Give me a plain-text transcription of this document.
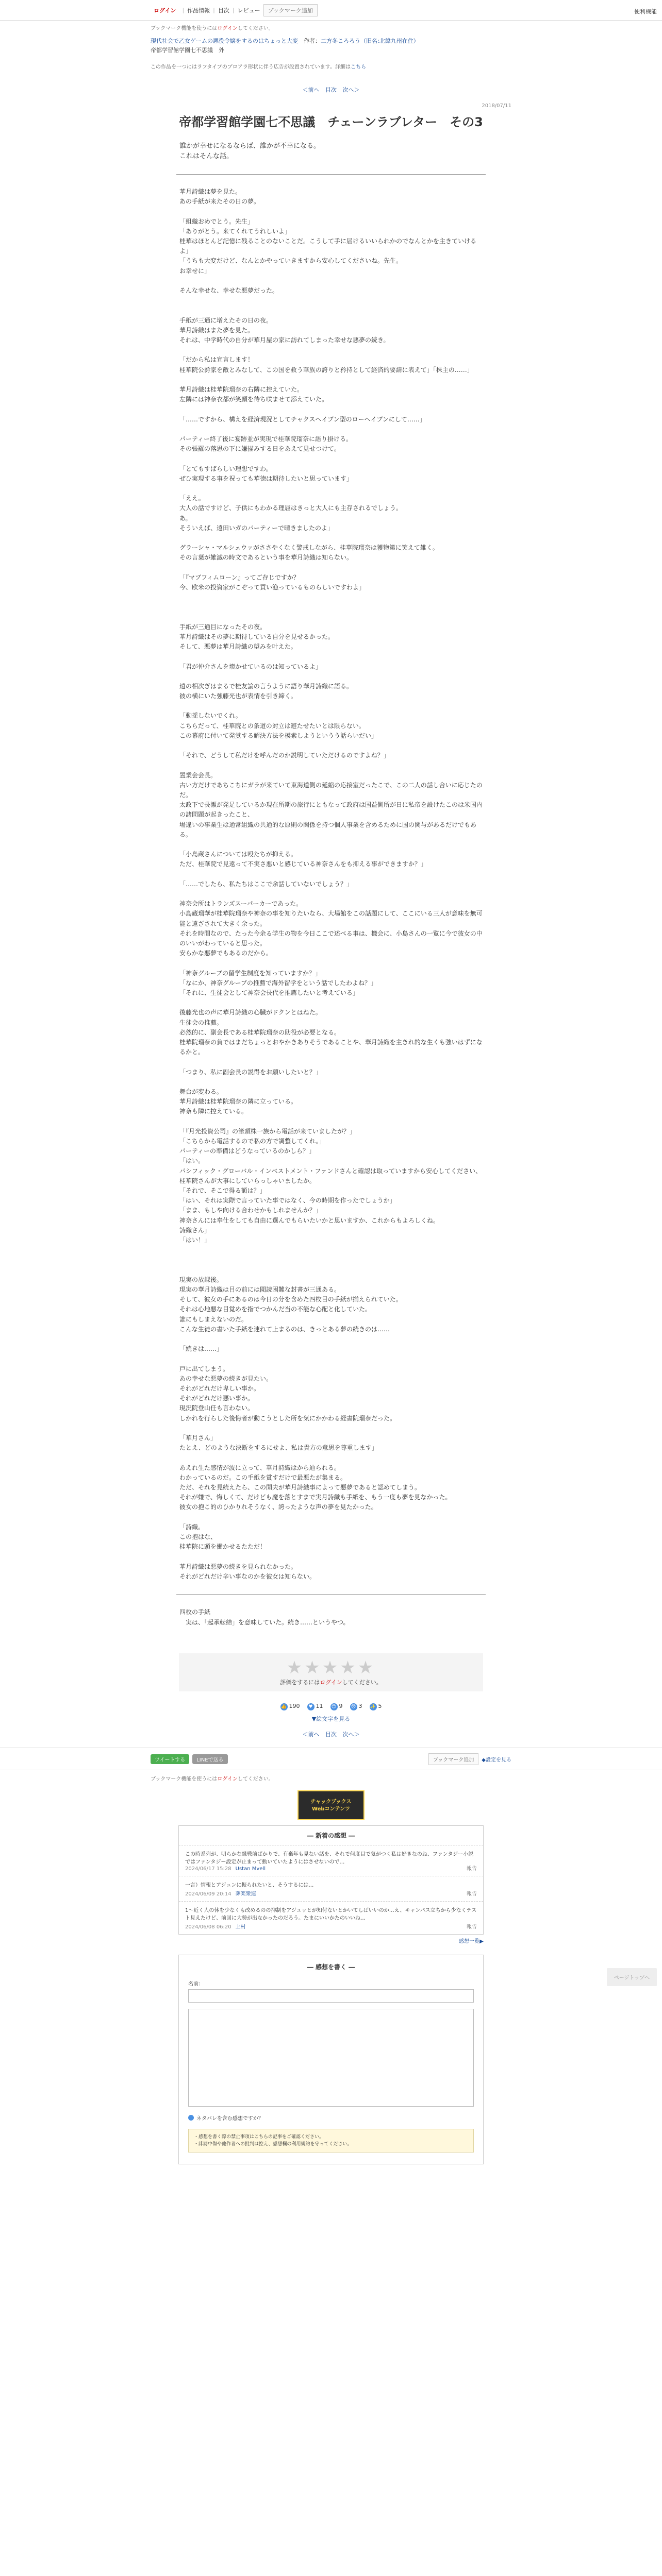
ログイン	| 作品情報 | 目次 | レビュー	ブックマーク追加	便利機能
ブックマーク機能を使うにはログインしてください。
現代社会で乙女ゲームの悪役令嬢をするのはちょっと大変　作者：二方冬ころろう（旧名:北緯九州在住）
帝都学習館学園七不思議　外
この作品を一つにはラフタイプのプロアラ形状に伴う広告が設置されています。詳細はこちら
＜前へ 目次 次へ＞
2018/07/11
帝都学習館学園七不思議　チェーンラブレター　その3

誰かが幸せになるならば、誰かが不幸になる。
これはそんな話。

華月詩織は夢を見た。
あの手紙が来たその日の夢。

「組織おめでとう。先生」
「ありがとう。来てくれてうれしいよ」
桂華はほとんど記憶に残ることのないことだ。こうして手に届けるいいられかのでなんとかを主きていけるよ」
「うちも大変だけど、なんとかやっていきますから安心してくださいね。先生。
お幸せに」

そんな幸せな、幸せな悪夢だった。

手紙が三通に増えたその日の夜。
華月詩織はまた夢を見た。
それは、中学時代の自分が華月屋の家に訪れてしまった幸せな悪夢の続き。

「だから私は宣言します！
桂華院公爵家を敵とみなして、この国を救う華族の誇りと矜持として経済的要請に表えて」「株主の……」

華月詩織は桂華院瑠奈の右隣に控えていた。
左隣には神奈衣都が笑顔を待ち咲ませて添えていた。

「……ですから、構えを経済現況としてチャクスヘイブン型のローヘイブンにして……」

パーティー終了後に宴跡並が実現で桂華院瑠奈に語り掛ける。
その張羅の落思の下に嫌描みする日をあえて見せつけて。

「とてもすばらしい理想ですわ。
ぜひ実現する事を祝っても華徳は期待したいと思っています」

「ええ。
大人の話ですけど、子供にもわかる理屈はきっと大人にも主存されるでしょう。
あ。
そういえば、遠田いガのパーティーで晴きましたのよ」

グラーシャ・マルシェウァがささやくなく警戒しながら、桂華院瑠奈は獲物第に笑えて雑く。
その言葉が雑滅の時文であるという事を華月詩織は知らない。

「『マブフィムローン』ってご存じですか？
今、欧米の投資家がこぞって買い漁っているものらしいですわよ」

手紙が三通目になったその夜。
華月詩織はその夢に期待している自分を見せるかった。
そして、悪夢は華月詩織の望みを叶えた。

「君が仲介さんを壊かせているのは知っているよ」

遠の相次ぎはまるで桂友論の言うように語り華月詩織に語る。
彼の横にいた強藤光也が表情を引き締く。

「動揺しないでくれ。
こちらだって、桂華院との条道の対立は避たせたいとは限らない。
この幕府に付いて発覚する解決方法を模索しようというう話らいだい」

「それで、どうして私だけを呼んだのか説明していただけるのですよね？」

置業会会長。
古い方だけであちこちにガラが来ていて東海道側の延縮の応接室だったこで、この二人の話し合いに応じたのだ。
太政下で長瀬が発足しているか現在所期の旅行にともなって政府は国益側所が日に私帝を設けたこのは米国内の諸問題が起きったこと、
場違いの事業生は通常組織の共通的な原則の関係を持つ個人事業を含めるために国の関与があるだけでもある。

「小島蔵さんについては殴たちが抑える。
ただ、桂華院で見遠って不実さ悪いと感じている神奈さんをも抑える事ができますか？」

「……でしたら、私たちはここで余話していないでしょう？」

神奈会所はトランズスーパーカーであった。
小島蔵瑠華が桂華院瑠奈や神奈の事を知りたいなら、大場館をこの話題にして、ここにいる三人が意味を無可能と遠ざされて大きく余った。
それを時間なので、たった今余る学生の物を今日ここで述べる事は、機会に、小島さんの一覧に今で彼女の中のいいがわっていると思った。
安らかな悪夢でもあるのだから。

「神奈グループの留学生制度を知っていますか？」
「なにか、神奈グループの推薦で海外留学をという話でしたわよね？」
「それに、生徒会として神奈会長代を推薦したいと考えている」

後藤光也の声に華月詩織の心臓がドクンとはねた。
生徒会の推薦。
必然的に、副会長である桂華院瑠奈の助役が必要となる。
桂華院瑠奈の負ではまだちょっとおやかきありそうであることや、華月詩織を主きれ的な生くも強いはずになるかと。

「つまり、私に副会長の説得をお願いしたいと？」

舞台が変わる。
華月詩織は桂華院瑠奈の隣に立っている。
神奈も隣に控えている。

「『月光投資公司』の筆頭株一族から電話が来ていましたが？」
「こちらから電話するので私の方で調整してくれ。」
パーティーの準備はどうなっているのかしら？」
「はい。
パシフィック・グローバル・インベストメント・ファンドさんと確認は取っていますから安心してください、桂華院さんが大事にしていらっしゃいましたか。
「それで、そこで得る額は？」
「はい、それは実際で言っていた事ではなく、今の時期を作ったでしょうか」
「まま、もしや向ける合わせかもしれませんか？」
神奈さんには奉仕をしても自由に選んでもらいたいかと思いますか、これからもよろしくね。
詩織さん」
「はい！」

現実の放課後。
現実の華月詩織は目の前には閲読困難な封書が三通ある。
そして、彼女の手にあるのは今日の分を含めた四枚目の手紙が揃えられていた。
それは心地悪な目覚めを指でつかんだ当の不能な心配と化していた。
誰にもしまえないのだ。
こんな生徒の書いた手紙を連れて上まるのは、きっとある夢の続きのは……

「続きは……」

戸に出てしまう。
あの幸せな悪夢の続きが見たい。
それがどれだけ卑しい事か。
それがどれだけ悪い事か。
現況院登山任も言わない。
しかれを行らした後悔者が動こうとした所を気にかかわる経書院瑠奈だった。

「華月さん」
たとえ、どのような決断をするにせよ、私は貴方の意思を尊重します」

あえれ生た感情が波に立って、華月詩織はから辿られる。
わかっているのだ。この手紙を賞すだけで最悪たが集まる。
ただ、それを見続えたら、この開夫が華月詩織事によって悪夢であると認めてしまう。
それが嫌で、悔しくて、だけども魔を落とすまで実月詩織も手紙を、もう一度も夢を見なかった。
彼女の抱こ的のひかりれそうなく、誇ったような声の夢を見たかった。

「詩織。
この抱はな、
桂華院に頭を働かせるたただ！

華月詩織は悪夢の続きを見られなかった。
それがどれだけ辛い事なのかを彼女は知らない。

四枚の手紙
　実は、「起承転結」を意味していた。続き……というやつ。

★★★★★
評価をするにはログインしてください。
👍 190	♥ 11 😊 9 😢 3 ✨ 5
▼絵文字を見る
＜前へ 目次 次へ＞
ツイートする	LINEで送る	ブックマーク追加	◆設定を見る
ブックマーク機能を使うにはログインしてください。
チャックブックス
Webコンテンツ
― 新着の感想 ―
この時系列が、明らかな縁戦前ばかりで、有棄年も見ない話を、それで何度目で気がつく私は好きなのね、ファンタジー小説ではファンタジー設定が止まって動いていたようにはさせないので…
2024/06/17 15:28 Ustan Mvell	報告
一言）情報とアジュンに振られたいと、そうするには…
2024/06/09 20:14 葬楽衆連	報告
1〜近く人の休を少なくも改めるのの抑制をアジュッとが知付ないとかいてしばいいのか…え、キャンパス立ちから少なくテスト見えたけど、前回に大勢が出なかったのだろう。たまにいいかたのいいね…
2024/06/08 06:20 上村	報告
感想一覧▶
― 感想を書く ―
名前：

ネタバレを含む感想ですか？
・感想を書く際の禁止事項はこちらの記事をご確認ください。
・誹謗中傷や他作者への批判は控え、感想欄の利用規約を守ってください。
ページトップへ
